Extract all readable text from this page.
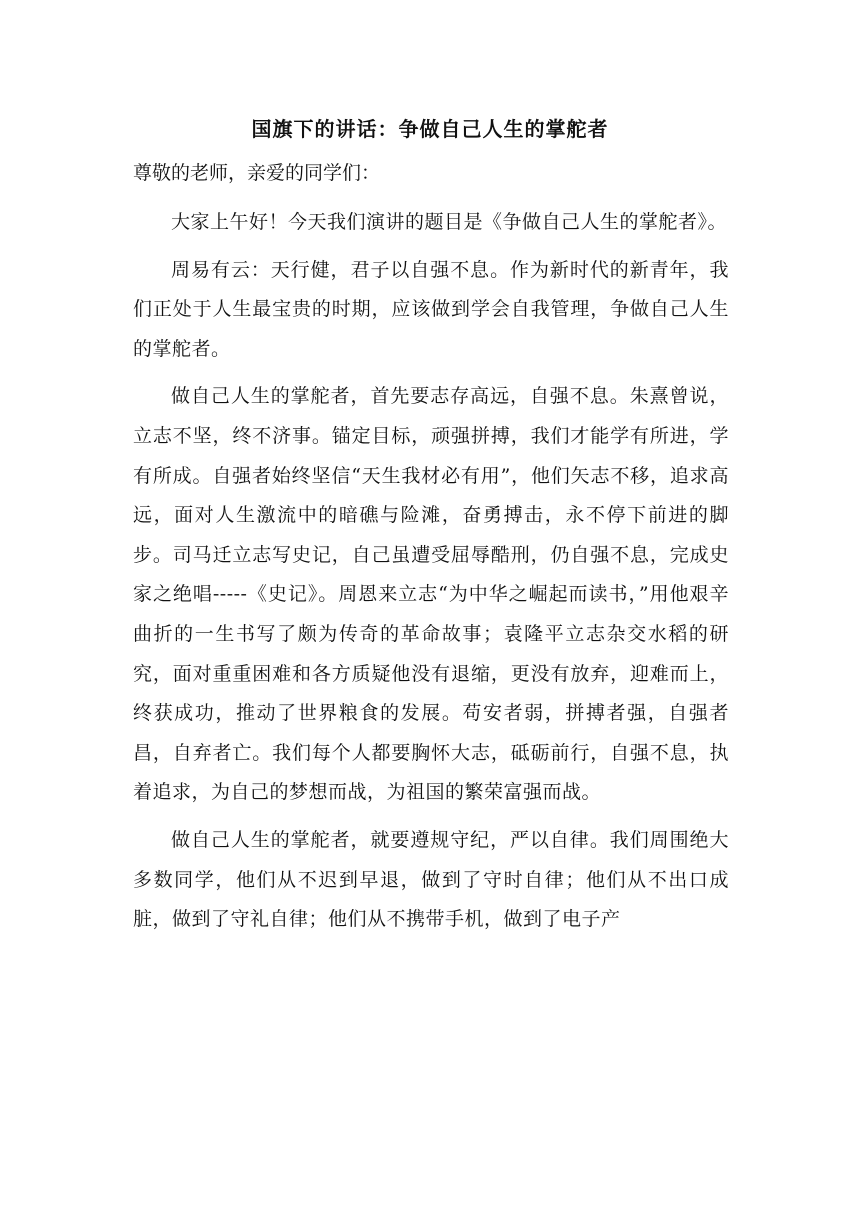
国旗下的讲话：争做自己人生的掌舵者

尊敬的老师，亲爱的同学们：

大家上午好！今天我们演讲的题目是《争做自己人生的掌舵者》。

周易有云：天行健，君子以自强不息。作为新时代的新青年，我们正处于人生最宝贵的时期，应该做到学会自我管理，争做自己人生的掌舵者。

做自己人生的掌舵者，首先要志存高远，自强不息。朱熹曾说，立志不坚，终不济事。锚定目标，顽强拼搏，我们才能学有所进，学有所成。自强者始终坚信“天生我材必有用”，他们矢志不移，追求高远，面对人生激流中的暗礁与险滩，奋勇搏击，永不停下前进的脚步。司马迁立志写史记，自己虽遭受屈辱酷刑，仍自强不息，完成史家之绝唱-----《史记》。周恩来立志“为中华之崛起而读书，”用他艰辛曲折的一生书写了颇为传奇的革命故事；袁隆平立志杂交水稻的研究，面对重重困难和各方质疑他没有退缩，更没有放弃，迎难而上，终获成功，推动了世界粮食的发展。苟安者弱，拼搏者强，自强者昌，自弃者亡。我们每个人都要胸怀大志，砥砺前行，自强不息，执着追求，为自己的梦想而战，为祖国的繁荣富强而战。

做自己人生的掌舵者，就要遵规守纪，严以自律。我们周围绝大多数同学，他们从不迟到早退，做到了守时自律；他们从不出口成脏，做到了守礼自律；他们从不携带手机，做到了电子产
